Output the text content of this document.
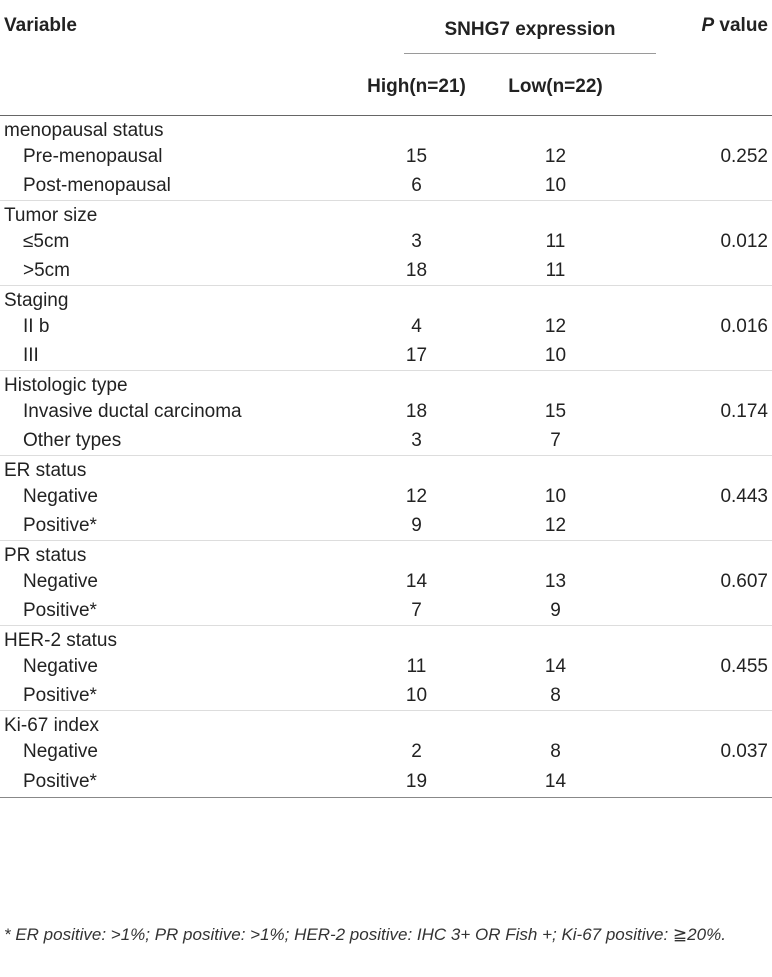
Variable	SNHG7 expression		P value
	High(n=21)	Low(n=22)	
menopausal status			
Pre-menopausal	15	12	0.252
Post-menopausal	6	10	

Tumor size			
≤5cm	3	11	0.012
>5cm	18	11	

Staging			
II b	4	12	0.016
III	17	10	

Histologic type			
Invasive ductal carcinoma	18	15	0.174
Other types	3	7	

ER status			
Negative	12	10	0.443
Positive*	9	12	

PR status			
Negative	14	13	0.607
Positive*	7	9	

HER-2 status			
Negative	11	14	0.455
Positive*	10	8	

Ki-67 index			
Negative	2	8	0.037
Positive*	19	14	
* ER positive: >1%; PR positive: >1%; HER-2 positive: IHC 3+ OR Fish +; Ki-67 positive: ≧20%.
